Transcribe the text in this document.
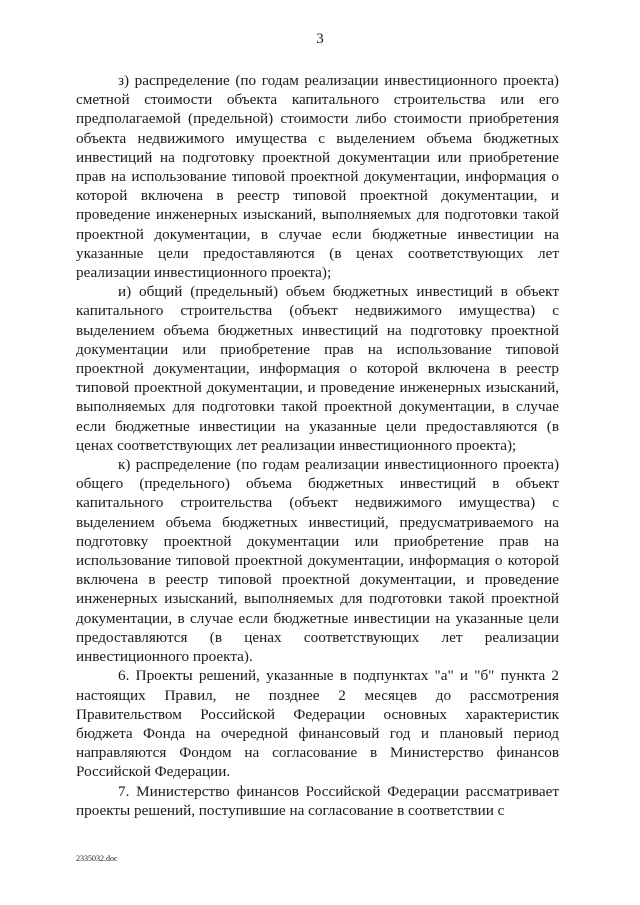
3

з) распределение (по годам реализации инвестиционного проекта) сметной стоимости объекта капитального строительства или его предполагаемой (предельной) стоимости либо стоимости приобретения объекта недвижимого имущества с выделением объема бюджетных инвестиций на подготовку проектной документации или приобретение прав на использование типовой проектной документации, информация о которой включена в реестр типовой проектной документации, и проведение инженерных изысканий, выполняемых для подготовки такой проектной документации, в случае если бюджетные инвестиции на указанные цели предоставляются (в ценах соответствующих лет реализации инвестиционного проекта);

и) общий (предельный) объем бюджетных инвестиций в объект капитального строительства (объект недвижимого имущества) с выделением объема бюджетных инвестиций на подготовку проектной документации или приобретение прав на использование типовой проектной документации, информация о которой включена в реестр типовой проектной документации, и проведение инженерных изысканий, выполняемых для подготовки такой проектной документации, в случае если бюджетные инвестиции на указанные цели предоставляются (в ценах соответствующих лет реализации инвестиционного проекта);

к) распределение (по годам реализации инвестиционного проекта) общего (предельного) объема бюджетных инвестиций в объект капитального строительства (объект недвижимого имущества) с выделением объема бюджетных инвестиций, предусматриваемого на подготовку проектной документации или приобретение прав на использование типовой проектной документации, информация о которой включена в реестр типовой проектной документации, и проведение инженерных изысканий, выполняемых для подготовки такой проектной документации, в случае если бюджетные инвестиции на указанные цели предоставляются (в ценах соответствующих лет реализации инвестиционного проекта).

6. Проекты решений, указанные в подпунктах "а" и "б" пункта 2 настоящих Правил, не позднее 2 месяцев до рассмотрения Правительством Российской Федерации основных характеристик бюджета Фонда на очередной финансовый год и плановый период направляются Фондом на согласование в Министерство финансов Российской Федерации.

7. Министерство финансов Российской Федерации рассматривает проекты решений, поступившие на согласование в соответствии с

2335032.doc
